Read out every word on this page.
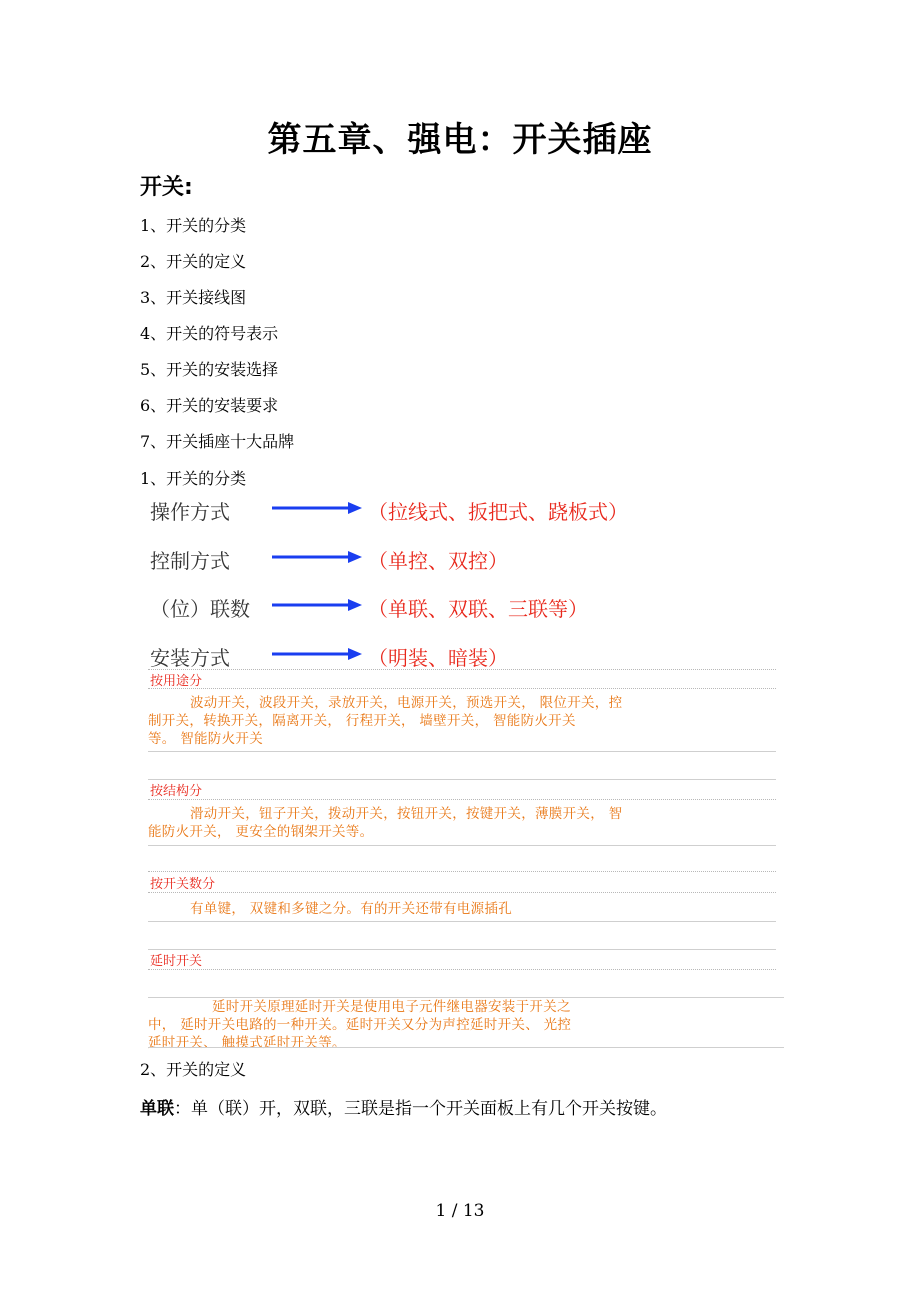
第五章、强电：开关插座
开关:
1、开关的分类
2、开关的定义
3、开关接线图
4、开关的符号表示
5、开关的安装选择
6、开关的安装要求
7、开关插座十大品牌
1、开关的分类
操作方式	（拉线式、扳把式、跷板式）
控制方式	（单控、双控）
（位）联数	（单联、双联、三联等）
安装方式	（明装、暗装）
按用途分
波动开关，波段开关，录放开关，电源开关，预选开关， 限位开关，控
制开关，转换开关，隔离开关， 行程开关， 墙壁开关， 智能防火开关
等。 智能防火开关
按结构分
滑动开关，钮子开关，拨动开关，按钮开关，按键开关，薄膜开关， 智
能防火开关， 更安全的钢架开关等。
按开关数分
有单键， 双键和多键之分。有的开关还带有电源插孔
延时开关
延时开关原理延时开关是使用电子元件继电器安装于开关之
中， 延时开关电路的一种开关。延时开关又分为声控延时开关、 光控
延时开关、 触摸式延时开关等。
2、开关的定义
单联：单（联）开，双联，三联是指一个开关面板上有几个开关按键。
1 / 13
